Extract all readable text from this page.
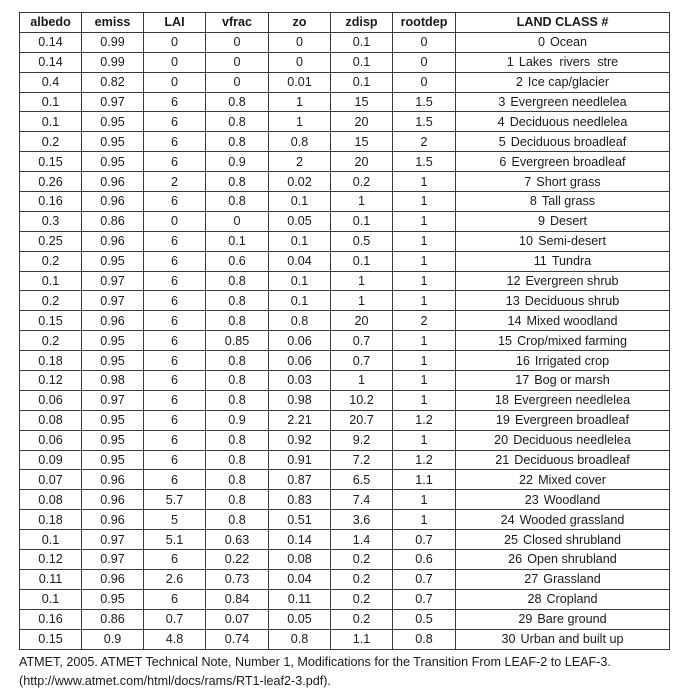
albedo	emiss	LAI	vfrac	zo	zdisp	rootdep	LAND CLASS #
0.14	0.99	0	0	0	0.1	0	0 Ocean
0.14	0.99	0	0	0	0.1	0	1 Lakes  rivers  stre
0.4	0.82	0	0	0.01	0.1	0	2 Ice cap/glacier
0.1	0.97	6	0.8	1	15	1.5	3 Evergreen needlelea
0.1	0.95	6	0.8	1	20	1.5	4 Deciduous needlelea
0.2	0.95	6	0.8	0.8	15	2	5 Deciduous broadleaf
0.15	0.95	6	0.9	2	20	1.5	6 Evergreen broadleaf
0.26	0.96	2	0.8	0.02	0.2	1	7 Short grass
0.16	0.96	6	0.8	0.1	1	1	8 Tall grass
0.3	0.86	0	0	0.05	0.1	1	9 Desert
0.25	0.96	6	0.1	0.1	0.5	1	10 Semi-desert
0.2	0.95	6	0.6	0.04	0.1	1	11 Tundra
0.1	0.97	6	0.8	0.1	1	1	12 Evergreen shrub
0.2	0.97	6	0.8	0.1	1	1	13 Deciduous shrub
0.15	0.96	6	0.8	0.8	20	2	14 Mixed woodland
0.2	0.95	6	0.85	0.06	0.7	1	15 Crop/mixed farming
0.18	0.95	6	0.8	0.06	0.7	1	16 Irrigated crop
0.12	0.98	6	0.8	0.03	1	1	17 Bog or marsh
0.06	0.97	6	0.8	0.98	10.2	1	18 Evergreen needlelea
0.08	0.95	6	0.9	2.21	20.7	1.2	19 Evergreen broadleaf
0.06	0.95	6	0.8	0.92	9.2	1	20 Deciduous needlelea
0.09	0.95	6	0.8	0.91	7.2	1.2	21 Deciduous broadleaf
0.07	0.96	6	0.8	0.87	6.5	1.1	22 Mixed cover
0.08	0.96	5.7	0.8	0.83	7.4	1	23 Woodland
0.18	0.96	5	0.8	0.51	3.6	1	24 Wooded grassland
0.1	0.97	5.1	0.63	0.14	1.4	0.7	25 Closed shrubland
0.12	0.97	6	0.22	0.08	0.2	0.6	26 Open shrubland
0.11	0.96	2.6	0.73	0.04	0.2	0.7	27 Grassland
0.1	0.95	6	0.84	0.11	0.2	0.7	28 Cropland
0.16	0.86	0.7	0.07	0.05	0.2	0.5	29 Bare ground
0.15	0.9	4.8	0.74	0.8	1.1	0.8	30 Urban and built up
ATMET, 2005. ATMET Technical Note, Number 1, Modifications for the Transition From LEAF-2 to LEAF-3. (http://www.atmet.com/html/docs/rams/RT1-leaf2-3.pdf).
